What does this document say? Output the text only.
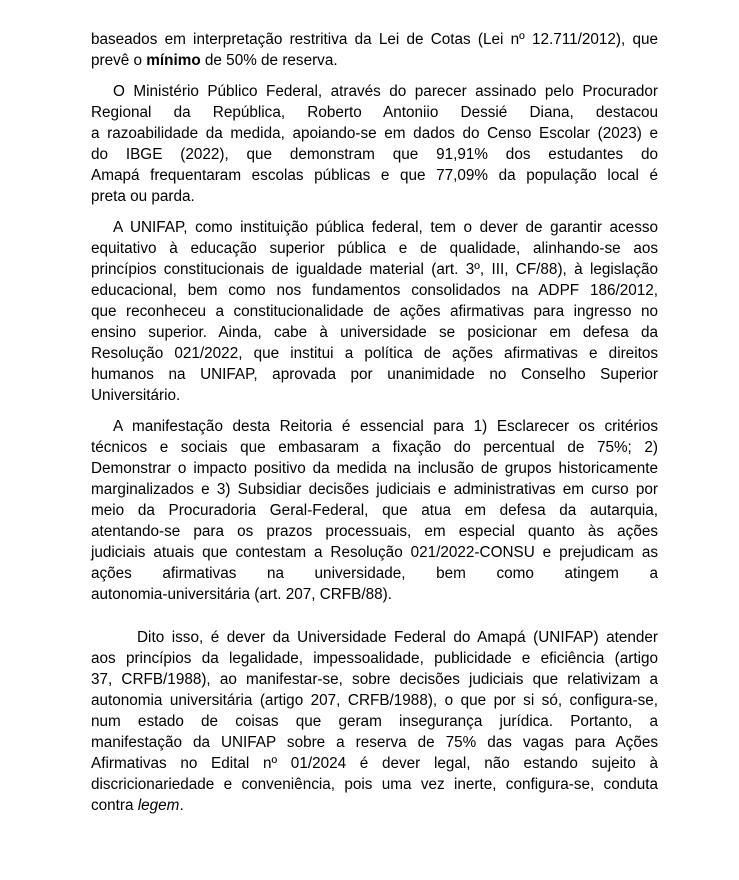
baseados em interpretação restritiva da Lei de Cotas (Lei nº 12.711/2012), que
prevê o mínimo de 50% de reserva.
O Ministério Público Federal, através do parecer assinado pelo Procurador
Regional da República, Roberto Antoniio Dessié Diana, destacou
a razoabilidade da medida, apoiando-se em dados do Censo Escolar (2023) e
do IBGE (2022), que demonstram que 91,91% dos estudantes do
Amapá frequentaram escolas públicas e que 77,09% da população local é
preta ou parda.
A UNIFAP, como instituição pública federal, tem o dever de garantir acesso
equitativo à educação superior pública e de qualidade, alinhando-se aos
princípios constitucionais de igualdade material (art. 3º, III, CF/88), à legislação
educacional, bem como nos fundamentos consolidados na ADPF 186/2012,
que reconheceu a constitucionalidade de ações afirmativas para ingresso no
ensino superior. Ainda, cabe à universidade se posicionar em defesa da
Resolução 021/2022, que institui a política de ações afirmativas e direitos
humanos na UNIFAP, aprovada por unanimidade no Conselho Superior
Universitário.
A manifestação desta Reitoria é essencial para 1) Esclarecer os critérios
técnicos e sociais que embasaram a fixação do percentual de 75%; 2)
Demonstrar o impacto positivo da medida na inclusão de grupos historicamente
marginalizados e 3) Subsidiar decisões judiciais e administrativas em curso por
meio da Procuradoria Geral-Federal, que atua em defesa da autarquia,
atentando-se para os prazos processuais, em especial quanto às ações
judiciais atuais que contestam a Resolução 021/2022-CONSU e prejudicam as
ações afirmativas na universidade, bem como atingem a
autonomia-universitária (art. 207, CRFB/88).
Dito isso, é dever da Universidade Federal do Amapá (UNIFAP) atender
aos princípios da legalidade, impessoalidade, publicidade e eficiência (artigo
37, CRFB/1988), ao manifestar-se, sobre decisões judiciais que relativizam a
autonomia universitária (artigo 207, CRFB/1988), o que por si só, configura-se,
num estado de coisas que geram insegurança jurídica. Portanto, a
manifestação da UNIFAP sobre a reserva de 75% das vagas para Ações
Afirmativas no Edital nº 01/2024 é dever legal, não estando sujeito à
discricionariedade e conveniência, pois uma vez inerte, configura-se, conduta
contra legem.
